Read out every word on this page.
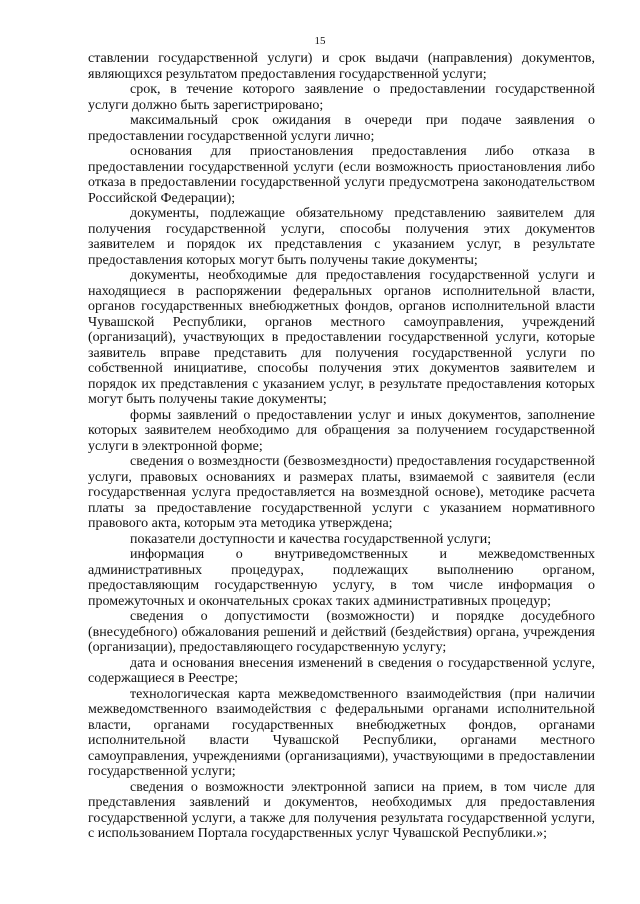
15

ставлении государственной услуги) и срок выдачи (направления) документов, являющихся результатом предоставления государственной услуги;

срок, в течение которого заявление о предоставлении государственной услуги должно быть зарегистрировано;

максимальный срок ожидания в очереди при подаче заявления о предоставлении государственной услуги лично;

основания для приостановления предоставления либо отказа в предоставлении государственной услуги (если возможность приостановления либо отказа в предоставлении государственной услуги предусмотрена законодательством Российской Федерации);

документы, подлежащие обязательному представлению заявителем для получения государственной услуги, способы получения этих документов заявителем и порядок их представления с указанием услуг, в результате предоставления которых могут быть получены такие документы;

документы, необходимые для предоставления государственной услуги и находящиеся в распоряжении федеральных органов исполнительной власти, органов государственных внебюджетных фондов, органов исполнительной власти Чувашской Республики, органов местного самоуправления, учреждений (организаций), участвующих в предоставлении государственной услуги, которые заявитель вправе представить для получения государственной услуги по собственной инициативе, способы получения этих документов заявителем и порядок их представления с указанием услуг, в результате предоставления которых могут быть получены такие документы;

формы заявлений о предоставлении услуг и иных документов, заполнение которых заявителем необходимо для обращения за получением государственной услуги в электронной форме;

сведения о возмездности (безвозмездности) предоставления государственной услуги, правовых основаниях и размерах платы, взимаемой с заявителя (если государственная услуга предоставляется на возмездной основе), методике расчета платы за предоставление государственной услуги с указанием нормативного правового акта, которым эта методика утверждена;

показатели доступности и качества государственной услуги;

информация о внутриведомственных и межведомственных административных процедурах, подлежащих выполнению органом, предоставляющим государственную услугу, в том числе информация о промежуточных и окончательных сроках таких административных процедур;

сведения о допустимости (возможности) и порядке досудебного (внесудебного) обжалования решений и действий (бездействия) органа, учреждения (организации), предоставляющего государственную услугу;

дата и основания внесения изменений в сведения о государственной услуге, содержащиеся в Реестре;

технологическая карта межведомственного взаимодействия (при наличии межведомственного взаимодействия с федеральными органами исполнительной власти, органами государственных внебюджетных фондов, органами исполнительной власти Чувашской Республики, органами местного самоуправления, учреждениями (организациями), участвующими в предоставлении государственной услуги;

сведения о возможности электронной записи на прием, в том числе для представления заявлений и документов, необходимых для предоставления государственной услуги, а также для получения результата государственной услуги, с использованием Портала государственных услуг Чувашской Республики.»;
